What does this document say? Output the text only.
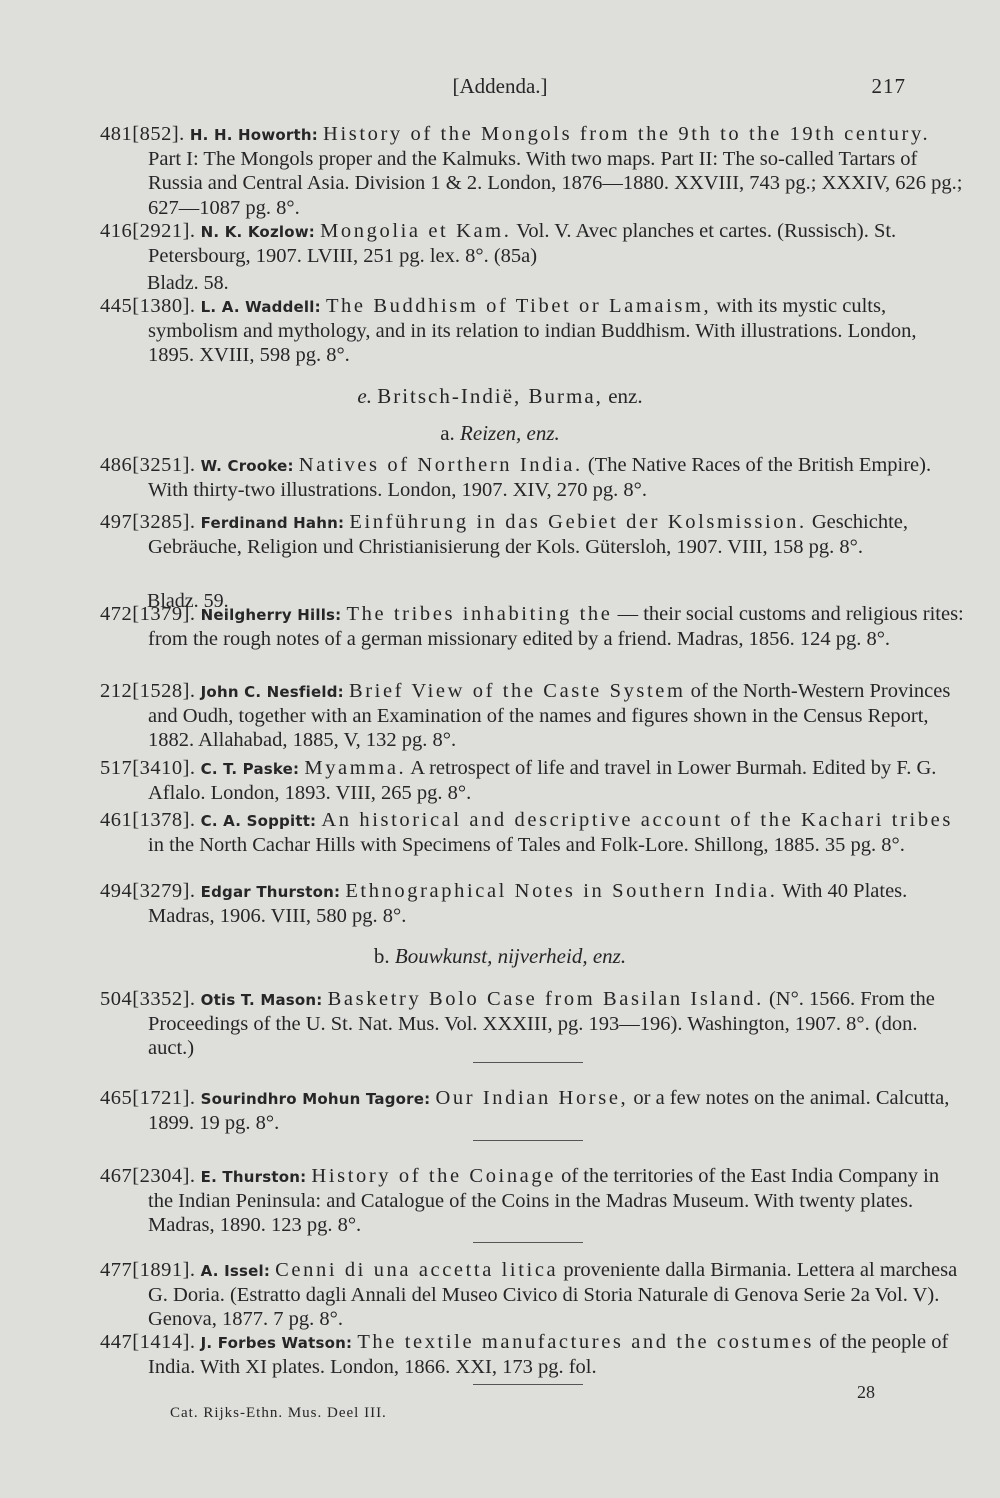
[Addenda.]	217
481[852]. H. H. Howorth: History of the Mongols from the 9th to the 19th century. Part I: The Mongols proper and the Kalmuks. With two maps. Part II: The so-called Tartars of Russia and Central Asia. Division 1 & 2. London, 1876—1880. XXVIII, 743 pg.; XXXIV, 626 pg.; 627—1087 pg. 8°.
416[2921]. N. K. Kozlow: Mongolia et Kam. Vol. V. Avec planches et cartes. (Russisch). St. Petersbourg, 1907. LVIII, 251 pg. lex. 8°. (85a)
Bladz. 58.
445[1380]. L. A. Waddell: The Buddhism of Tibet or Lamaism, with its mystic cults, symbolism and mythology, and in its relation to indian Buddhism. With illustrations. London, 1895. XVIII, 598 pg. 8°.
e. Britsch-Indië, Burma, enz.
a. Reizen, enz.
486[3251]. W. Crooke: Natives of Northern India. (The Native Races of the British Empire). With thirty-two illustrations. London, 1907. XIV, 270 pg. 8°.
497[3285]. Ferdinand Hahn: Einführung in das Gebiet der Kolsmission. Geschichte, Gebräuche, Religion und Christianisierung der Kols. Gütersloh, 1907. VIII, 158 pg. 8°.
Bladz. 59.
472[1379]. Neilgherry Hills: The tribes inhabiting the — their social customs and religious rites: from the rough notes of a german missionary edited by a friend. Madras, 1856. 124 pg. 8°.
212[1528]. John C. Nesfield: Brief View of the Caste System of the North-Western Provinces and Oudh, together with an Examination of the names and figures shown in the Census Report, 1882. Allahabad, 1885, V, 132 pg. 8°.
517[3410]. C. T. Paske: Myamma. A retrospect of life and travel in Lower Burmah. Edited by F. G. Aflalo. London, 1893. VIII, 265 pg. 8°.
461[1378]. C. A. Soppitt: An historical and descriptive account of the Kachari tribes in the North Cachar Hills with Specimens of Tales and Folk-Lore. Shillong, 1885. 35 pg. 8°.
494[3279]. Edgar Thurston: Ethnographical Notes in Southern India. With 40 Plates. Madras, 1906. VIII, 580 pg. 8°.
b. Bouwkunst, nijverheid, enz.
504[3352]. Otis T. Mason: Basketry Bolo Case from Basilan Island. (N°. 1566. From the Proceedings of the U. St. Nat. Mus. Vol. XXXIII, pg. 193—196). Washington, 1907. 8°. (don. auct.)
465[1721]. Sourindhro Mohun Tagore: Our Indian Horse, or a few notes on the animal. Calcutta, 1899. 19 pg. 8°.
467[2304]. E. Thurston: History of the Coinage of the territories of the East India Company in the Indian Peninsula: and Catalogue of the Coins in the Madras Museum. With twenty plates. Madras, 1890. 123 pg. 8°.
477[1891]. A. Issel: Cenni di una accetta litica proveniente dalla Birmania. Lettera al marchesa G. Doria. (Estratto dagli Annali del Museo Civico di Storia Naturale di Genova Serie 2a Vol. V). Genova, 1877. 7 pg. 8°.
447[1414]. J. Forbes Watson: The textile manufactures and the costumes of the people of India. With XI plates. London, 1866. XXI, 173 pg. fol.
28
Cat. Rijks-Ethn. Mus. Deel III.
